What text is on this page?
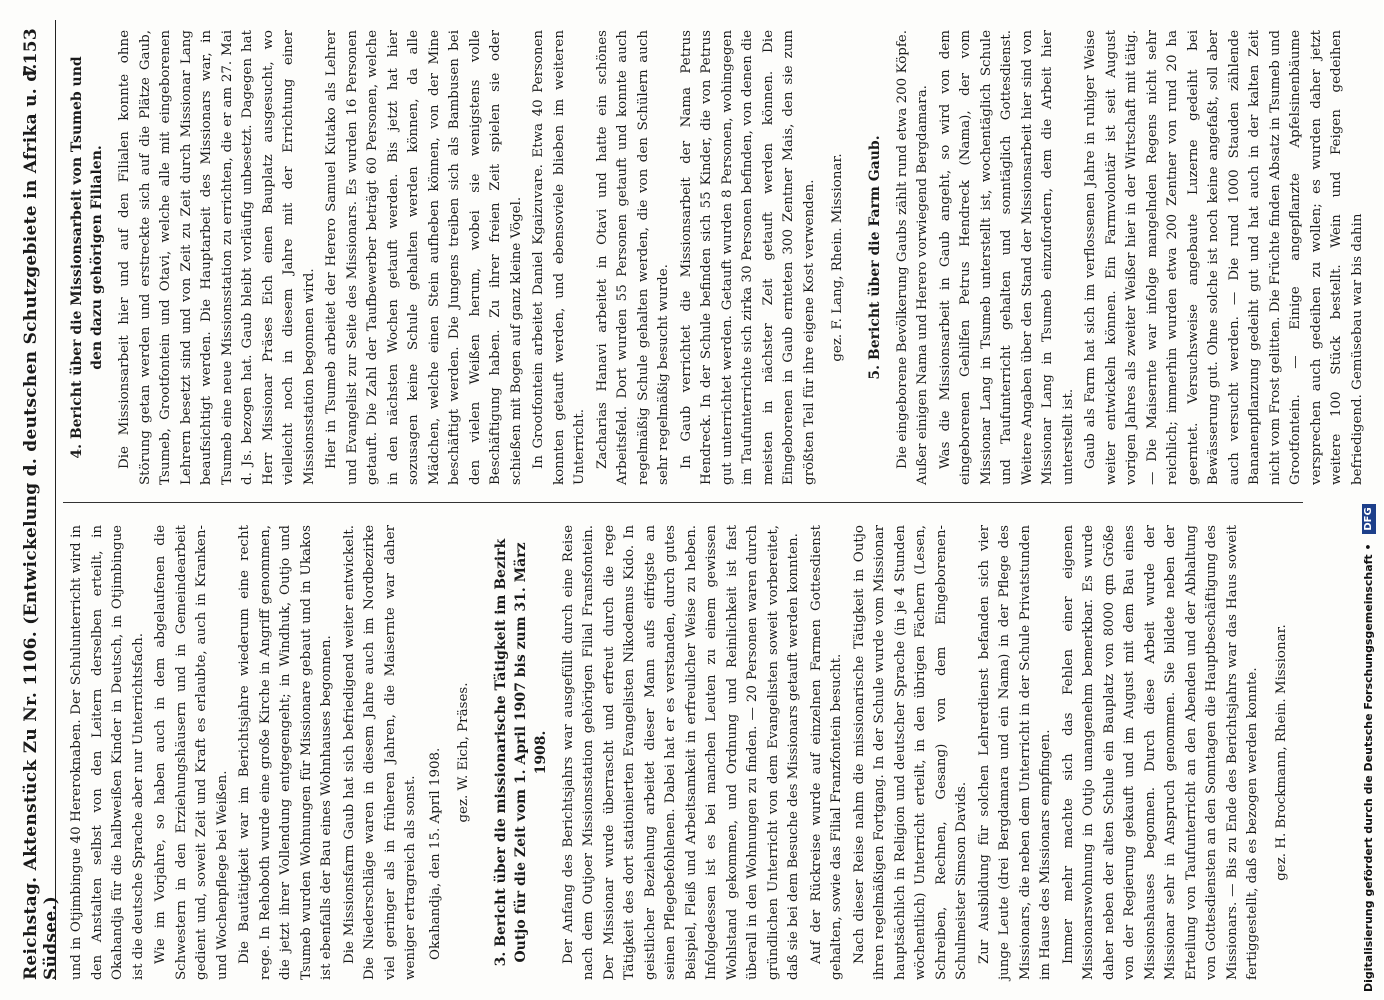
Reichstag. Aktenstück Zu Nr. 1106. (Entwickelung d. deutschen Schutzgebiete in Afrika u. d. Südsee.)
7153

und in Otjimbingue 40 Hereroknaben. Der Schulunterricht wird in den Anstalten selbst von den Leitern derselben erteilt, in Okahandja für die halbweißen Kinder in Deutsch, in Otjimbingue ist die deutsche Sprache aber nur Unterrichtsfach. Wie im Vorjahre, so haben auch in dem abgelaufenen die Schwestern in den Erziehungshäusern und in Gemeindearbeit gedient und, soweit Zeit und Kraft es erlaubte, auch in Kranken- und Wochenpflege bei Weißen. Die Bautätigkeit war im Berichtsjahre wiederum eine recht rege. In Rehoboth wurde eine große Kirche in Angriff genommen, die jetzt ihrer Vollendung entgegengeht; in Windhuk, Outjo und Tsumeb wurden Wohnungen für Missionare gebaut und in Ukakos ist ebenfalls der Bau eines Wohnhauses begonnen. Die Missionsfarm Gaub hat sich befriedigend weiter entwickelt. Die Niederschläge waren in diesem Jahre auch im Nordbezirke viel geringer als in früheren Jahren, die Maisernte war daher weniger ertragreich als sonst. Okahandja, den 15. April 1908. gez. W. Eich, Präses. 3. Bericht über die missionarische Tätigkeit im Bezirk Outjo für die Zeit vom 1. April 1907 bis zum 31. März 1908. Der Anfang des Berichtsjahrs war ausgefüllt durch eine Reise nach dem Outjoer Missionsstation gehörigen Filial Fransfontein. Der Missionar wurde überrascht und erfreut durch die rege Tätigkeit des dort stationierten Evangelisten Nikodemus Kido. In geistlicher Beziehung arbeitet dieser Mann aufs eifrigste an seinen Pflegebefohlenen. Dabei hat er es verstanden, durch gutes Beispiel, Fleiß und Arbeitsamkeit in erfreulicher Weise zu heben. Infolgedessen ist es bei manchen Leuten zu einem gewissen Wohlstand gekommen, und Ordnung und Reinlichkeit ist fast überall in den Wohnungen zu finden. — 20 Personen waren durch gründlichen Unterricht von dem Evangelisten soweit vorbereitet, daß sie bei dem Besuche des Missionars getauft werden konnten. Auf der Rückreise wurde auf einzelnen Farmen Gottesdienst gehalten, sowie das Filial Franzfontein besucht. Nach dieser Reise nahm die missionarische Tätigkeit in Outjo ihren regelmäßigen Fortgang. In der Schule wurde vom Missionar hauptsächlich in Religion und deutscher Sprache (in je 4 Stunden wöchentlich) Unterricht erteilt, in den übrigen Fächern (Lesen, Schreiben, Rechnen, Gesang) von dem Eingeborenen-Schulmeister Simson Davids. Zur Ausbildung für solchen Lehrerdienst befanden sich vier junge Leute (drei Bergdamara und ein Nama) in der Pflege des Missionars, die neben dem Unterricht in der Schule Privatstunden im Hause des Missionars empfingen. Immer mehr machte sich das Fehlen einer eigenen Missionarswohnung in Outjo unangenehm bemerkbar. Es wurde daher neben der alten Schule ein Bauplatz von 8000 qm Größe von der Regierung gekauft und im August mit dem Bau eines Missionshauses begonnen. Durch diese Arbeit wurde der Missionar sehr in Anspruch genommen. Sie bildete neben der Erteilung von Taufunterricht an den Abenden und der Abhaltung von Gottesdiensten an den Sonntagen die Hauptbeschäftigung des Missionars. — Bis zu Ende des Berichtsjahrs war das Haus soweit fertiggestellt, daß es bezogen werden konnte. gez. H. Brockmann, Rhein. Missionar.
4. Bericht über die Missionsarbeit von Tsumeb und den dazu gehörigen Filialen. Die Missionsarbeit hier und auf den Filialen konnte ohne Störung getan werden und erstreckte sich auf die Plätze Gaub, Tsumeb, Grootfontein und Otavi, welche alle mit eingeborenen Lehrern besetzt sind und von Zeit zu Zeit durch Missionar Lang beaufsichtigt werden. Die Hauptarbeit des Missionars war, in Tsumeb eine neue Missionsstation zu errichten, die er am 27. Mai d. Js. bezogen hat. Gaub bleibt vorläufig unbesetzt. Dagegen hat Herr Missionar Präses Eich einen Bauplatz ausgesucht, wo vielleicht noch in diesem Jahre mit der Errichtung einer Missionsstation begonnen wird. Hier in Tsumeb arbeitet der Herero Samuel Kutako als Lehrer und Evangelist zur Seite des Missionars. Es wurden 16 Personen getauft. Die Zahl der Taufbewerber beträgt 60 Personen, welche in den nächsten Wochen getauft werden. Bis jetzt hat hier sozusagen keine Schule gehalten werden können, da alle Mädchen, welche einen Stein aufheben können, von der Mine beschäftigt werden. Die Jungens treiben sich als Bambusen bei den vielen Weißen herum, wobei sie wenigstens volle Beschäftigung haben. Zu ihrer freien Zeit spielen sie oder schießen mit Bogen auf ganz kleine Vögel. In Grootfontein arbeitet Daniel Kgaizuvare. Etwa 40 Personen konnten getauft werden, und ebensoviele blieben im weiteren Unterricht. Zacharias Hanavi arbeitet in Otavi und hatte ein schönes Arbeitsfeld. Dort wurden 55 Personen getauft und konnte auch regelmäßig Schule gehalten werden, die von den Schülern auch sehr regelmäßig besucht wurde. In Gaub verrichtet die Missionsarbeit der Nama Petrus Hendreck. In der Schule befinden sich 55 Kinder, die von Petrus gut unterrichtet werden. Getauft wurden 8 Personen, wohingegen im Taufunterrichte sich zirka 30 Personen befinden, von denen die meisten in nächster Zeit getauft werden können. Die Eingeborenen in Gaub ernteten 300 Zentner Mais, den sie zum größten Teil für ihre eigene Kost verwenden. gez. F. Lang, Rhein. Missionar. 5. Bericht über die Farm Gaub. Die eingeborene Bevölkerung Gaubs zählt rund etwa 200 Köpfe. Außer einigen Nama und Herero vorwiegend Bergdamara. Was die Missionsarbeit in Gaub angeht, so wird von dem eingeborenen Gehilfen Petrus Hendreck (Nama), der vom Missionar Lang in Tsumeb unterstellt ist, wochentäglich Schule und Taufunterricht gehalten und sonntäglich Gottesdienst. Weitere Angaben über den Stand der Missionsarbeit hier sind von Missionar Lang in Tsumeb einzufordern, dem die Arbeit hier unterstellt ist. Gaub als Farm hat sich im verflossenen Jahre in ruhiger Weise weiter entwickeln können. Ein Farmvolontär ist seit August vorigen Jahres als zweiter Weißer hier in der Wirtschaft mit tätig. — Die Maisernte war infolge mangelnden Regens nicht sehr reichlich; immerhin wurden etwa 200 Zentner von rund 20 ha geerntet. Versuchsweise angebaute Luzerne gedeiht bei Bewässerung gut. Ohne solche ist noch keine angefaßt, soll aber auch versucht werden. — Die rund 1000 Stauden zählende Bananenpflanzung gedeiht gut und hat auch in der kalten Zeit nicht vom Frost gelitten. Die Früchte finden Absatz in Tsumeb und Grootfontein. — Einige angepflanzte Apfelsinenbäume versprechen auch gedeihen zu wollen; es wurden daher jetzt weitere 100 Stück bestellt. Wein und Feigen gedeihen befriedigend. Gemüsebau war bis dahin

Digitalisierung gefördert durch die Deutsche Forschungsgemeinschaft • DFG
